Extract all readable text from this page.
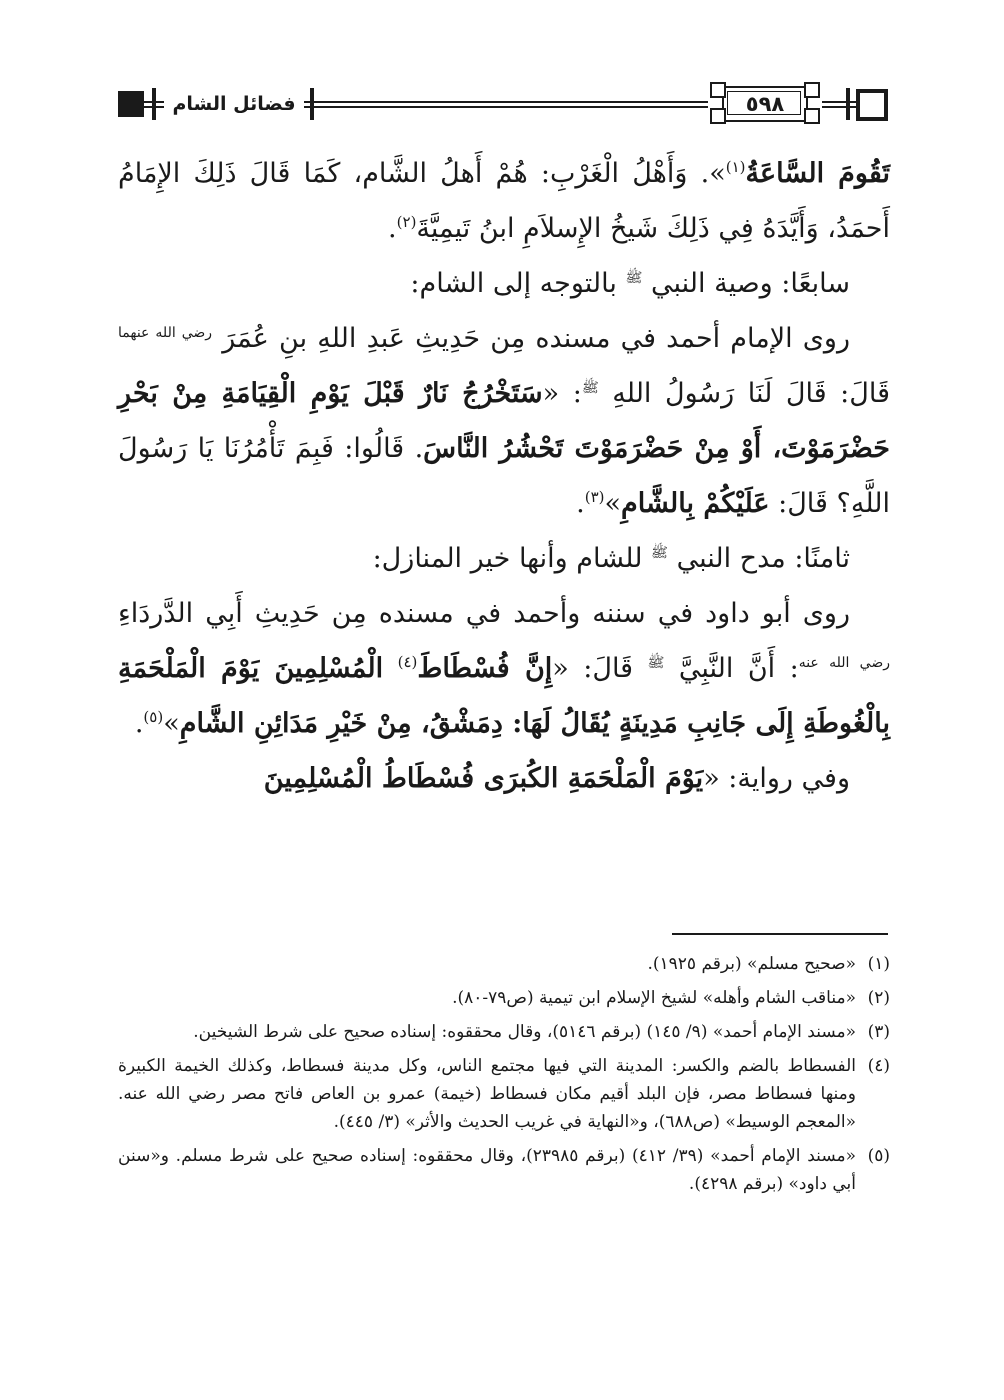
فضائل الشام	٥٩٨

تَقُومَ السَّاعَةُ$^{(١)}$». وَأَهْلُ الْغَرْبِ: هُمْ أَهلُ الشَّام، كَمَا قَالَ ذَلِكَ الإِمَامُ أَحمَدُ، وَأَيَّدَهُ فِي ذَلِكَ شَيخُ الإِسلاَمِ ابنُ تَيمِيَّةَ$^{(٢)}$.

سابعًا: وصية النبي $^ﷺ$ بالتوجه إلى الشام:

روى الإمام أحمد في مسنده مِن حَدِيثِ عَبدِ اللهِ بنِ عُمَرَ $^{رضي الله عنهما}$ قَالَ: قَالَ لَنَا رَسُولُ اللهِ $^ﷺ$: «سَتَخْرُجُ نَارٌ قَبْلَ يَوْمِ الْقِيَامَةِ مِنْ بَحْرِ حَضْرَمَوْتَ، أَوْ مِنْ حَضْرَمَوْتَ تَحْشُرُ النَّاسَ. قَالُوا: فَبِمَ تَأْمُرُنَا يَا رَسُولَ اللَّهِ؟ قَالَ: عَلَيْكُمْ بِالشَّامِ»$^{(٣)}$.

ثامنًا: مدح النبي $^ﷺ$ للشام وأنها خير المنازل:

روى أبو داود في سننه وأحمد في مسنده مِن حَدِيثِ أَبِي الدَّردَاءِ $^{رضي الله عنه}$: أَنَّ النَّبِيَّ $^ﷺ$ قَالَ: «إِنَّ فُسْطَاطَ$^{(٤)}$ الْمُسْلِمِينَ يَوْمَ الْمَلْحَمَةِ بِالْغُوطَةِ إِلَى جَانِبِ مَدِينَةٍ يُقَالُ لَهَا: دِمَشْقُ، مِنْ خَيْرِ مَدَائِنِ الشَّامِ»$^{(٥)}$.

وفي رواية: «يَوْمَ الْمَلْحَمَةِ الكُبرَى فُسْطَاطُ الْمُسْلِمِينَ

(١)
«صحيح مسلم» (برقم ١٩٢٥).

(٢)
«مناقب الشام وأهله» لشيخ الإسلام ابن تيمية (ص٧٩-٨٠).

(٣)
«مسند الإمام أحمد» (٩/ ١٤٥) (برقم ٥١٤٦)، وقال محققوه: إسناده صحيح على شرط الشيخين.

(٤)
الفسطاط بالضم والكسر: المدينة التي فيها مجتمع الناس، وكل مدينة فسطاط، وكذلك الخيمة الكبيرة ومنها فسطاط مصر، فإن البلد أقيم مكان فسطاط (خيمة) عمرو بن العاص فاتح مصر رضي الله عنه. «المعجم الوسيط» (ص٦٨٨)، و«النهاية في غريب الحديث والأثر» (٣/ ٤٤٥).

(٥)
«مسند الإمام أحمد» (٣٩/ ٤١٢) (برقم ٢٣٩٨٥)، وقال محققوه: إسناده صحيح على شرط مسلم. و«سنن أبي داود» (برقم ٤٢٩٨).
